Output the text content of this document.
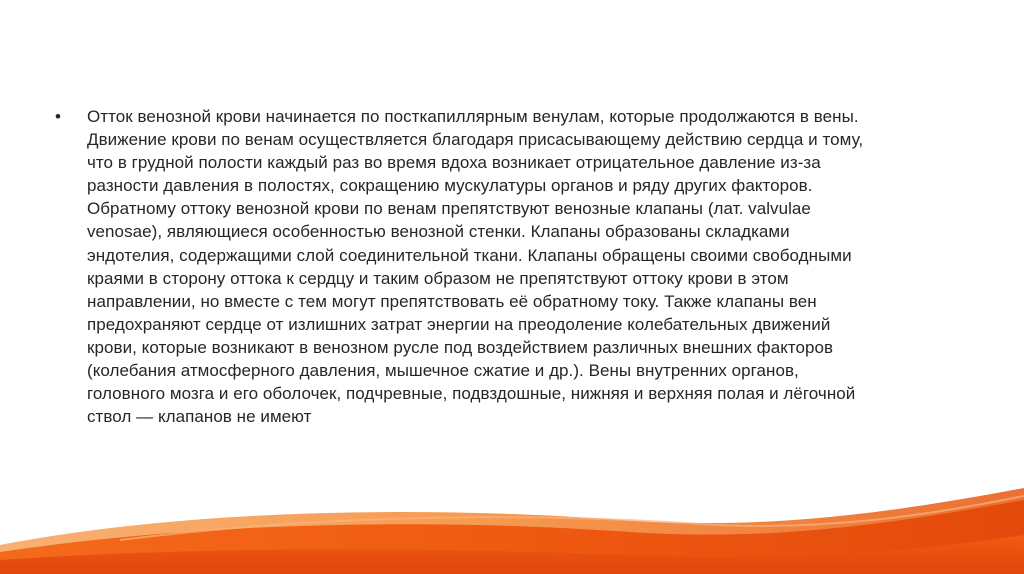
•	Отток венозной крови начинается по посткапиллярным венулам, которые продолжаются в вены.
Движение крови по венам осуществляется благодаря присасывающему действию сердца и тому,
что в грудной полости каждый раз во время вдоха возникает отрицательное давление из-за
разности давления в полостях, сокращению мускулатуры органов и ряду других факторов.
Обратному оттоку венозной крови по венам препятствуют венозные клапаны (лат. valvulae
venosae), являющиеся особенностью венозной стенки. Клапаны образованы складками
эндотелия, содержащими слой соединительной ткани. Клапаны обращены своими свободными
краями в сторону оттока к сердцу и таким образом не препятствуют оттоку крови в этом
направлении, но вместе с тем могут препятствовать её обратному току. Также клапаны вен
предохраняют сердце от излишних затрат энергии на преодоление колебательных движений
крови, которые возникают в венозном русле под воздействием различных внешних факторов
(колебания атмосферного давления, мышечное сжатие и др.). Вены внутренних органов,
головного мозга и его оболочек, подчревные, подвздошные, нижняя и верхняя полая и лёгочной
ствол — клапанов не имеют
